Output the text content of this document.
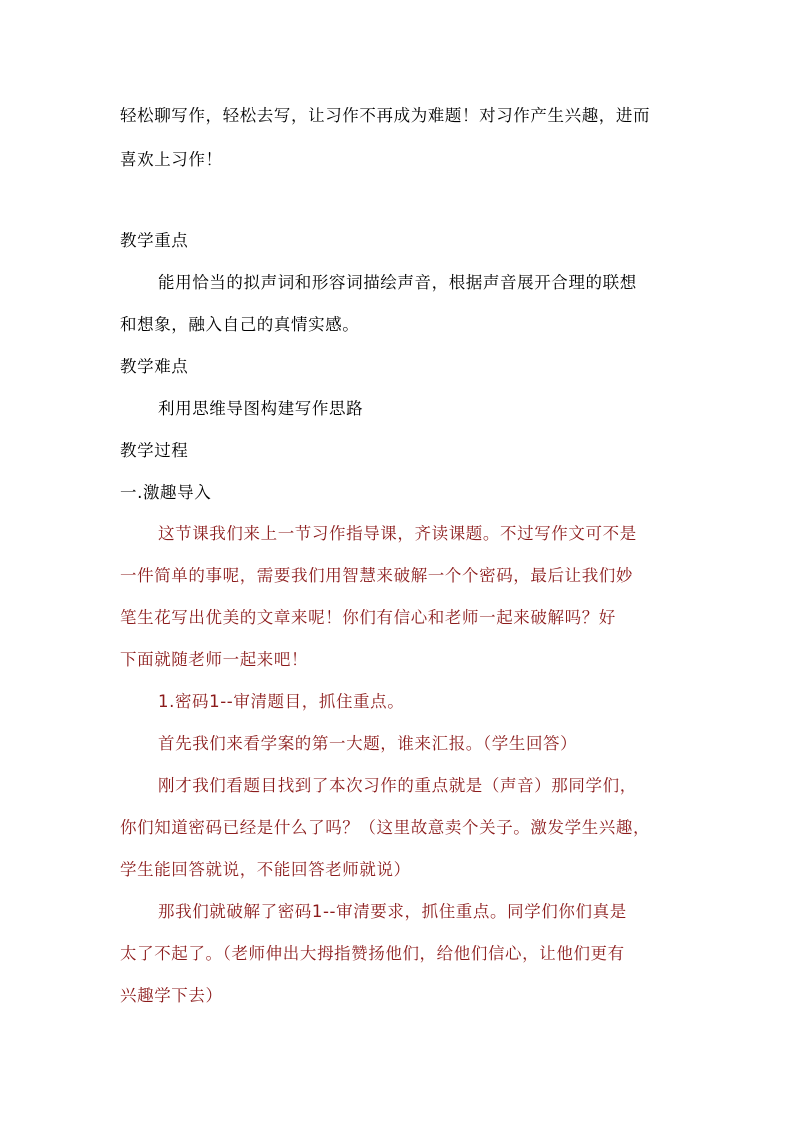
轻松聊写作，轻松去写，让习作不再成为难题！对习作产生兴趣，进而
喜欢上习作！
教学重点
能用恰当的拟声词和形容词描绘声音，根据声音展开合理的联想
和想象，融入自己的真情实感。
教学难点
利用思维导图构建写作思路
教学过程
一.激趣导入
这节课我们来上一节习作指导课，齐读课题。不过写作文可不是
一件简单的事呢，需要我们用智慧来破解一个个密码，最后让我们妙
笔生花写出优美的文章来呢！你们有信心和老师一起来破解吗？好
下面就随老师一起来吧！
1.密码1--审清题目，抓住重点。
首先我们来看学案的第一大题，谁来汇报。（学生回答）
刚才我们看题目找到了本次习作的重点就是（声音）那同学们，
你们知道密码已经是什么了吗？（这里故意卖个关子。激发学生兴趣，
学生能回答就说，不能回答老师就说）
那我们就破解了密码1--审清要求，抓住重点。同学们你们真是
太了不起了。（老师伸出大拇指赞扬他们，给他们信心，让他们更有
兴趣学下去）
